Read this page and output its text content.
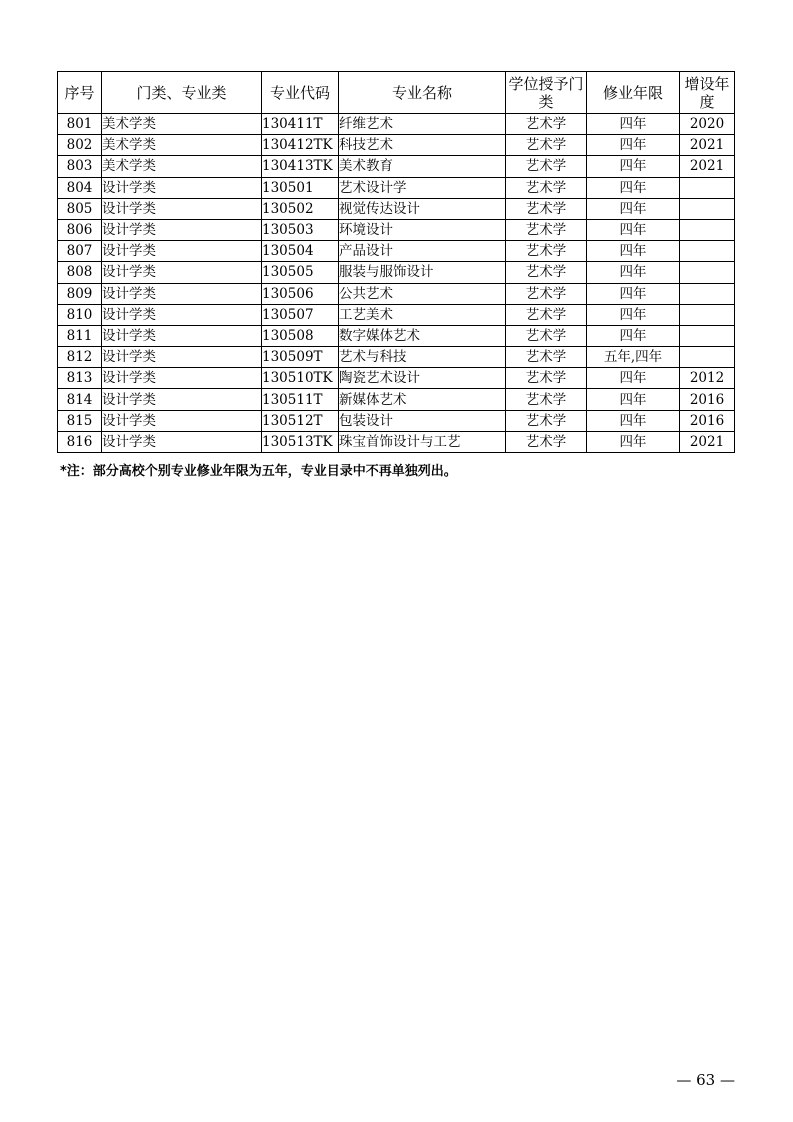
序号	门类、专业类	专业代码	专业名称	学位授予门类	修业年限	增设年度
801	美术学类	130411T	纤维艺术	艺术学	四年	2020
802	美术学类	130412TK	科技艺术	艺术学	四年	2021
803	美术学类	130413TK	美术教育	艺术学	四年	2021
804	设计学类	130501	艺术设计学	艺术学	四年	
805	设计学类	130502	视觉传达设计	艺术学	四年	
806	设计学类	130503	环境设计	艺术学	四年	
807	设计学类	130504	产品设计	艺术学	四年	
808	设计学类	130505	服装与服饰设计	艺术学	四年	
809	设计学类	130506	公共艺术	艺术学	四年	
810	设计学类	130507	工艺美术	艺术学	四年	
811	设计学类	130508	数字媒体艺术	艺术学	四年	
812	设计学类	130509T	艺术与科技	艺术学	五年,四年	
813	设计学类	130510TK	陶瓷艺术设计	艺术学	四年	2012
814	设计学类	130511T	新媒体艺术	艺术学	四年	2016
815	设计学类	130512T	包装设计	艺术学	四年	2016
816	设计学类	130513TK	珠宝首饰设计与工艺	艺术学	四年	2021
*注：部分高校个别专业修业年限为五年，专业目录中不再单独列出。
— 63 —
